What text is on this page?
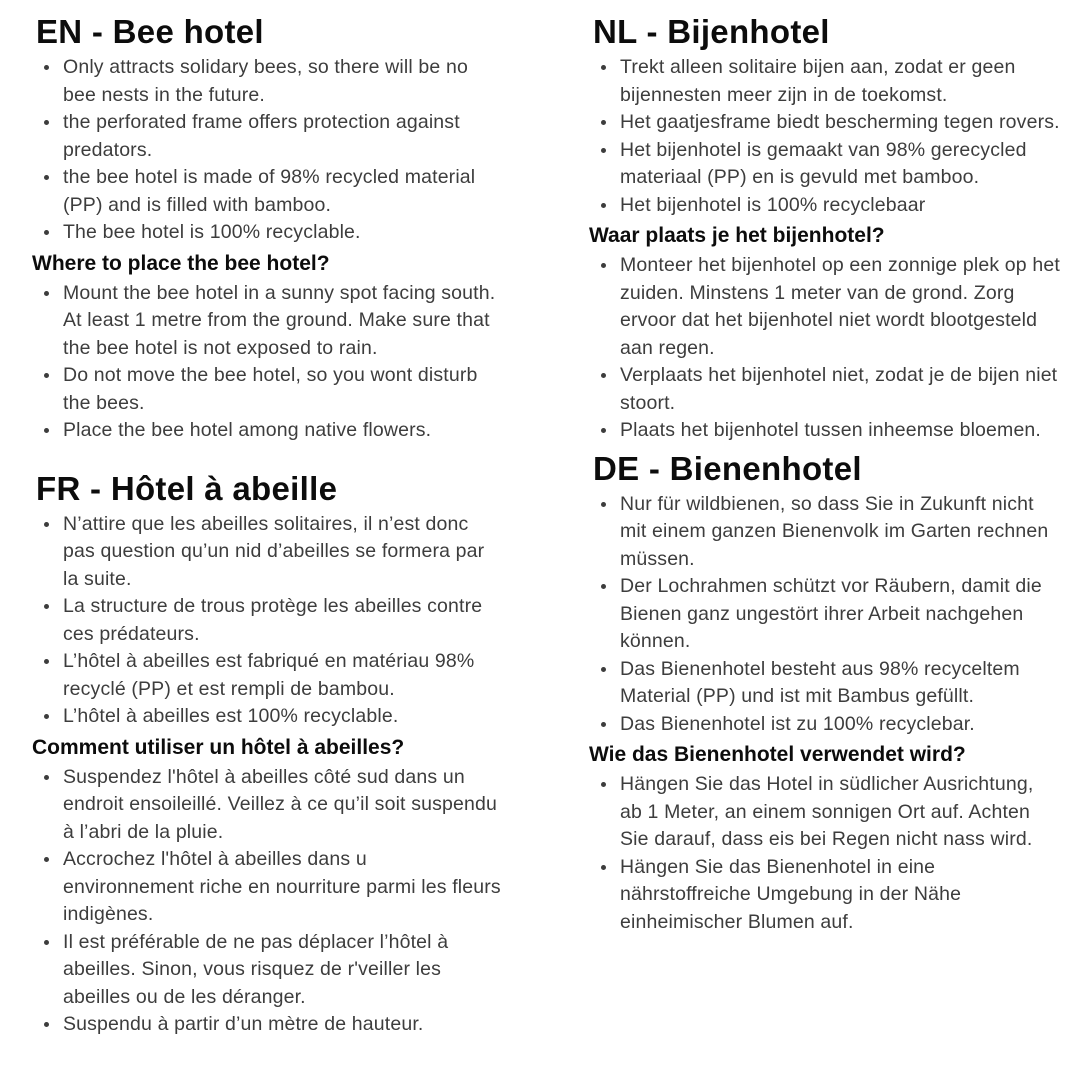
EN - Bee hotel
• Only attracts solidary bees, so there will be no bee nests in the future.
• the perforated frame offers protection against predators.
• the bee hotel is made of 98% recycled material (PP) and is filled with bamboo.
• The bee hotel is 100% recyclable.
Where to place the bee hotel?
• Mount the bee hotel in a sunny spot facing south. At least 1 metre from the ground. Make sure that the bee hotel is not exposed to rain.
• Do not move the bee hotel, so you wont disturb the bees.
• Place the bee hotel among native flowers.
FR - Hôtel à abeille
• N’attire que les abeilles solitaires, il n’est donc pas question qu’un nid d’abeilles se formera par la suite.
• La structure de trous protège les abeilles contre ces prédateurs.
• L’hôtel à abeilles est fabriqué en matériau 98% recyclé (PP) et est rempli de bambou.
• L’hôtel à abeilles est 100% recyclable.
Comment utiliser un hôtel à abeilles?
• Suspendez l'hôtel à abeilles côté sud dans un endroit ensoileillé. Veillez à ce qu’il soit suspendu à l’abri de la pluie.
• Accrochez l'hôtel à abeilles dans u environnement riche en nourriture parmi les fleurs indigènes.
• Il est préférable de ne pas déplacer l’hôtel à abeilles. Sinon, vous risquez de r'veiller les abeilles ou de les déranger.
• Suspendu à partir d’un mètre de hauteur.
NL - Bijenhotel
• Trekt alleen solitaire bijen aan, zodat er geen bijennesten meer zijn in de toekomst.
• Het gaatjesframe biedt bescherming tegen rovers.
• Het bijenhotel is gemaakt van 98% gerecycled materiaal (PP) en is gevuld met bamboo.
• Het bijenhotel is 100% recyclebaar
Waar plaats je het bijenhotel?
• Monteer het bijenhotel op een zonnige plek op het zuiden. Minstens 1 meter van de grond. Zorg ervoor dat het bijenhotel niet wordt blootgesteld aan regen.
• Verplaats het bijenhotel niet, zodat je de bijen niet stoort.
• Plaats het bijenhotel tussen inheemse bloemen.
DE - Bienenhotel
• Nur für wildbienen, so dass Sie in Zukunft nicht mit einem ganzen Bienenvolk im Garten rechnen müssen.
• Der Lochrahmen schützt vor Räubern, damit die Bienen ganz ungestört ihrer Arbeit nachgehen können.
• Das Bienenhotel besteht aus 98% recyceltem Material (PP) und ist mit Bambus gefüllt.
• Das Bienenhotel ist zu 100% recyclebar.
Wie das Bienenhotel verwendet wird?
• Hängen Sie das Hotel in südlicher Ausrichtung, ab 1 Meter, an einem sonnigen Ort auf. Achten Sie darauf, dass eis bei Regen nicht nass wird.
• Hängen Sie das Bienenhotel in eine nährstoffreiche Umgebung in der Nähe einheimischer Blumen auf.
